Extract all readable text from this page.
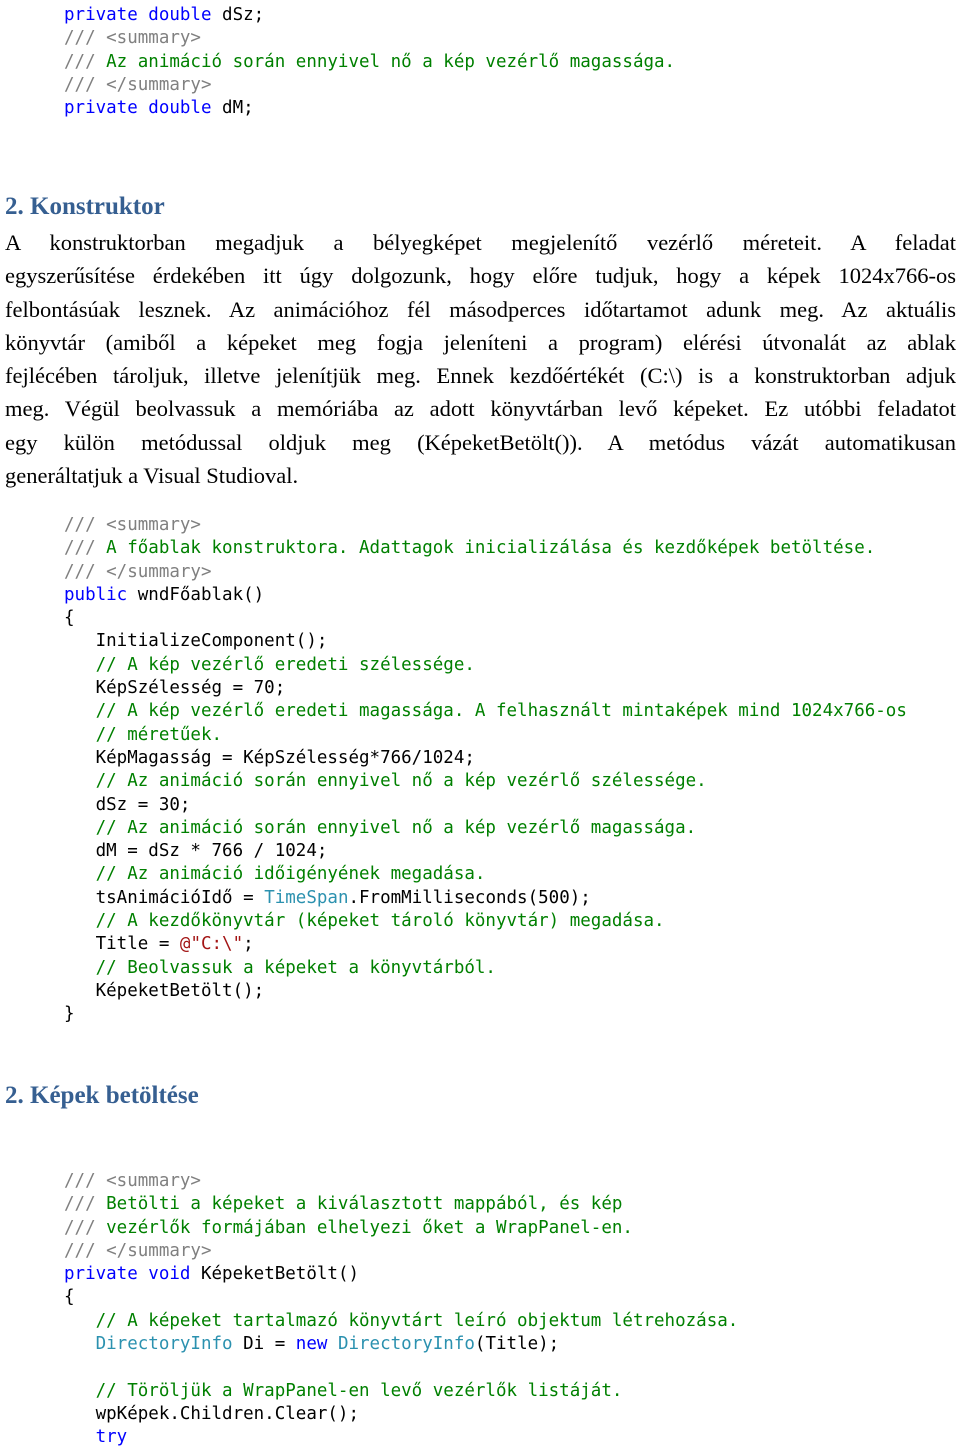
private double dSz;
/// <summary>
/// Az animáció során ennyivel nő a kép vezérlő magassága.
/// </summary>
private double dM;
2. Konstruktor
A konstruktorban megadjuk a bélyegképet megjelenítő vezérlő méreteit. A feladat
egyszerűsítése érdekében itt úgy dolgozunk, hogy előre tudjuk, hogy a képek 1024x766-os
felbontásúak lesznek. Az animációhoz fél másodperces időtartamot adunk meg. Az aktuális
könyvtár (amiből a képeket meg fogja jeleníteni a program) elérési útvonalát az ablak
fejlécében tároljuk, illetve jelenítjük meg. Ennek kezdőértékét (C:\) is a konstruktorban adjuk
meg. Végül beolvassuk a memóriába az adott könyvtárban levő képeket. Ez utóbbi feladatot
egy külön metódussal oldjuk meg (KépeketBetölt()). A metódus vázát automatikusan
generáltatjuk a Visual Studioval.
/// <summary>
/// A főablak konstruktora. Adattagok inicializálása és kezdőképek betöltése.
/// </summary>
public wndFőablak()
{
InitializeComponent();
// A kép vezérlő eredeti szélessége.
KépSzélesség = 70;
// A kép vezérlő eredeti magassága. A felhasznált mintaképek mind 1024x766-os
// méretűek.
KépMagasság = KépSzélesség*766/1024;
// Az animáció során ennyivel nő a kép vezérlő szélessége.
dSz = 30;
// Az animáció során ennyivel nő a kép vezérlő magassága.
dM = dSz * 766 / 1024;
// Az animáció időigényének megadása.
tsAnimációIdő = TimeSpan.FromMilliseconds(500);
// A kezdőkönyvtár (képeket tároló könyvtár) megadása.
Title = @"C:\";
// Beolvassuk a képeket a könyvtárból.
KépeketBetölt();
}
2. Képek betöltése
/// <summary>
/// Betölti a képeket a kiválasztott mappából, és kép
/// vezérlők formájában elhelyezi őket a WrapPanel-en.
/// </summary>
private void KépeketBetölt()
{
// A képeket tartalmazó könyvtárt leíró objektum létrehozása.
DirectoryInfo Di = new DirectoryInfo(Title);
// Töröljük a WrapPanel-en levő vezérlők listáját.
wpKépek.Children.Clear();
try
